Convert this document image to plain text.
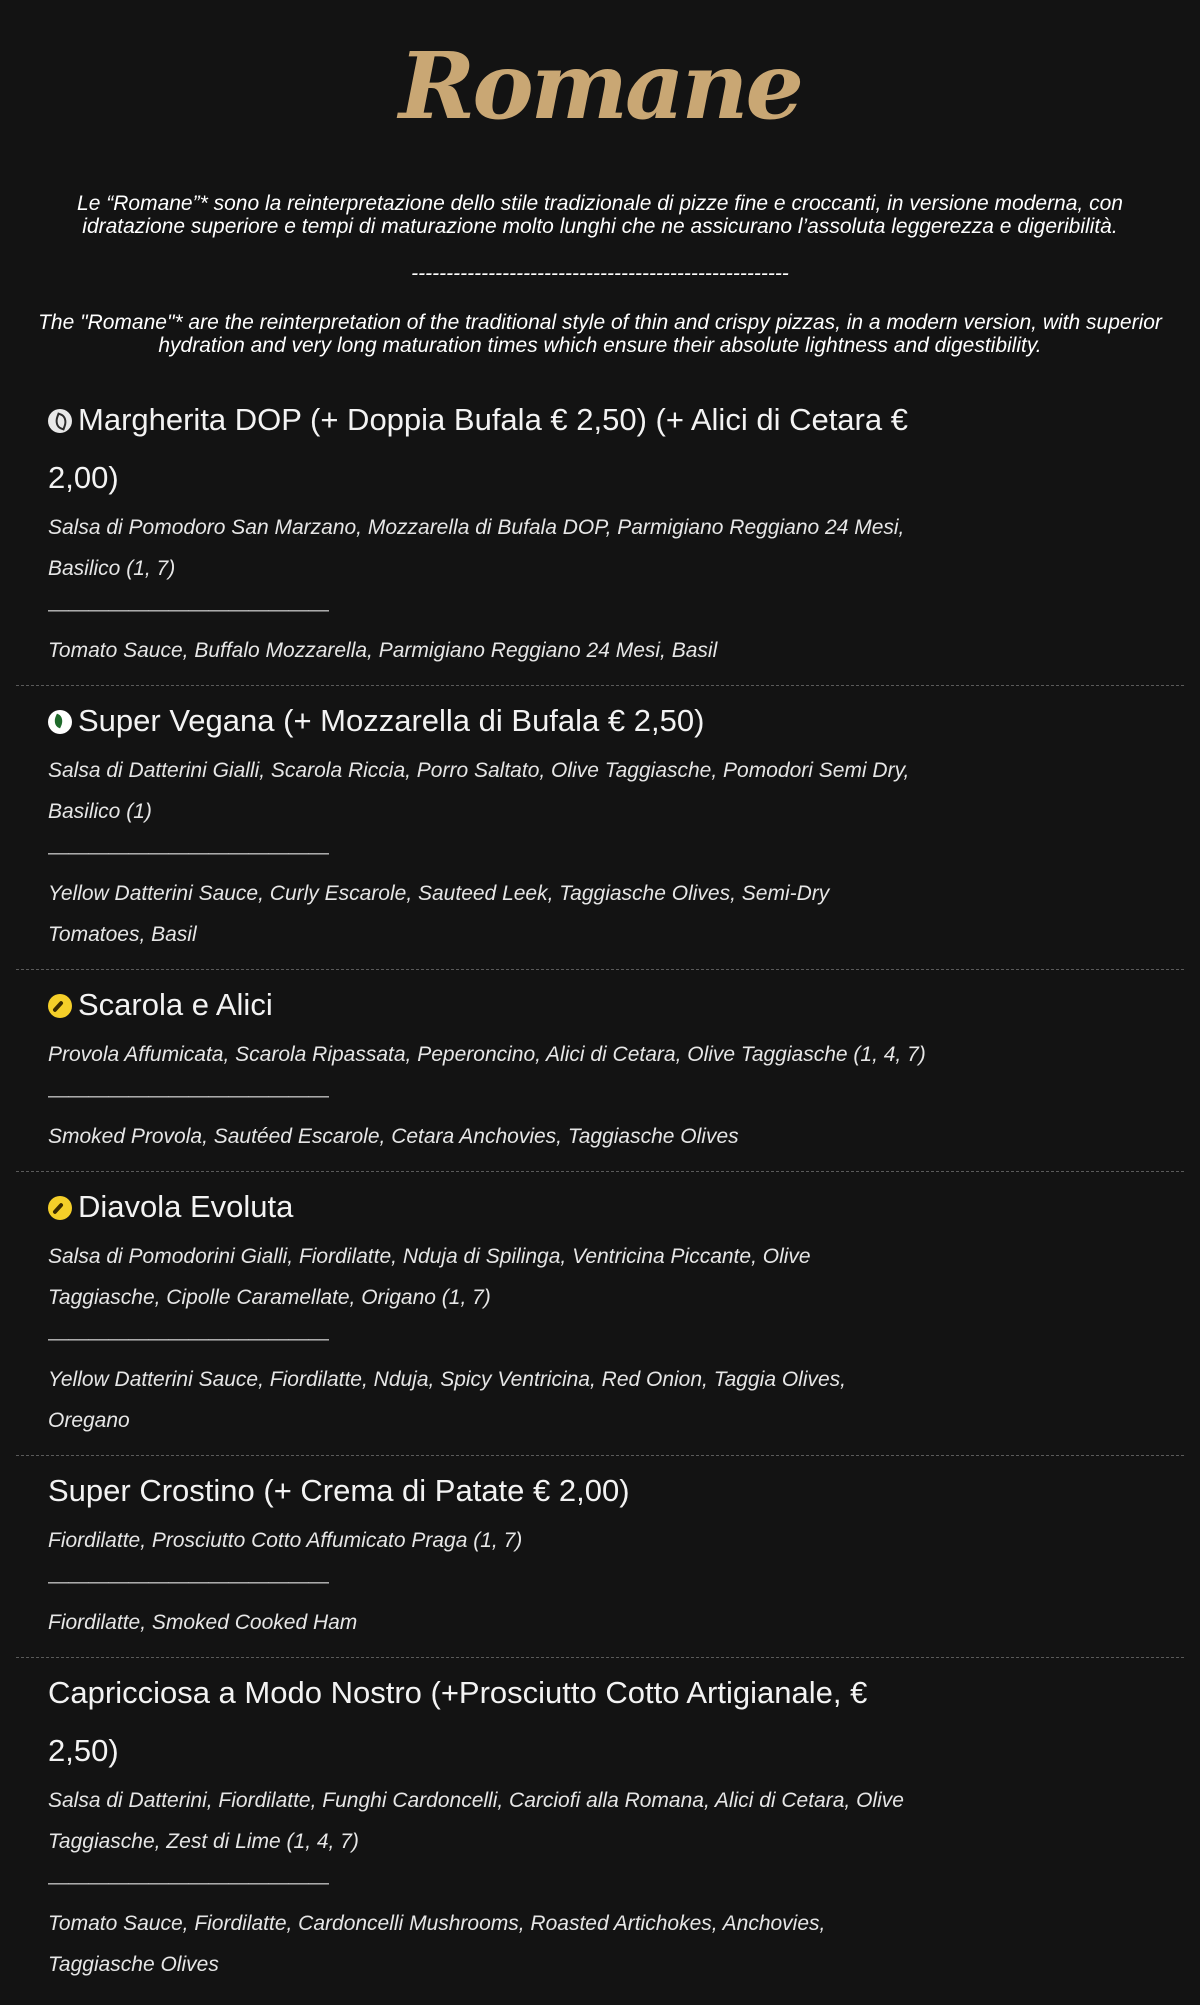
Romane

Le “Romane”* sono la reinterpretazione dello stile tradizionale di pizze fine e croccanti, in versione moderna, con idratazione superiore e tempi di maturazione molto lunghi che ne assicurano l’assoluta leggerezza e digeribilità.

------------------------------------------------------

The "Romane"* are the reinterpretation of the traditional style of thin and crispy pizzas, in a modern version, with superior hydration and very long maturation times which ensure their absolute lightness and digestibility.

Margherita DOP (+ Doppia Bufala € 2,50) (+ Alici di Cetara € 2,00)

Salsa di Pomodoro San Marzano, Mozzarella di Bufala DOP, Parmigiano Reggiano 24 Mesi, Basilico (1, 7)

——————————————

Tomato Sauce, Buffalo Mozzarella, Parmigiano Reggiano 24 Mesi, Basil

Super Vegana (+ Mozzarella di Bufala € 2,50)

Salsa di Datterini Gialli, Scarola Riccia, Porro Saltato, Olive Taggiasche, Pomodori Semi Dry, Basilico (1)

——————————————

Yellow Datterini Sauce, Curly Escarole, Sauteed Leek, Taggiasche Olives, Semi-Dry Tomatoes, Basil

Scarola e Alici

Provola Affumicata, Scarola Ripassata, Peperoncino, Alici di Cetara, Olive Taggiasche (1, 4, 7)

——————————————

Smoked Provola, Sautéed Escarole, Cetara Anchovies, Taggiasche Olives

Diavola Evoluta

Salsa di Pomodorini Gialli, Fiordilatte, Nduja di Spilinga, Ventricina Piccante, Olive Taggiasche, Cipolle Caramellate, Origano (1, 7)

——————————————

Yellow Datterini Sauce, Fiordilatte, Nduja, Spicy Ventricina, Red Onion, Taggia Olives, Oregano

Super Crostino (+ Crema di Patate € 2,00)

Fiordilatte, Prosciutto Cotto Affumicato Praga (1, 7)

——————————————

Fiordilatte, Smoked Cooked Ham

Capricciosa a Modo Nostro (+Prosciutto Cotto Artigianale, € 2,50)

Salsa di Datterini, Fiordilatte, Funghi Cardoncelli, Carciofi alla Romana, Alici di Cetara, Olive Taggiasche, Zest di Lime (1, 4, 7)

——————————————

Tomato Sauce, Fiordilatte, Cardoncelli Mushrooms, Roasted Artichokes, Anchovies, Taggiasche Olives
